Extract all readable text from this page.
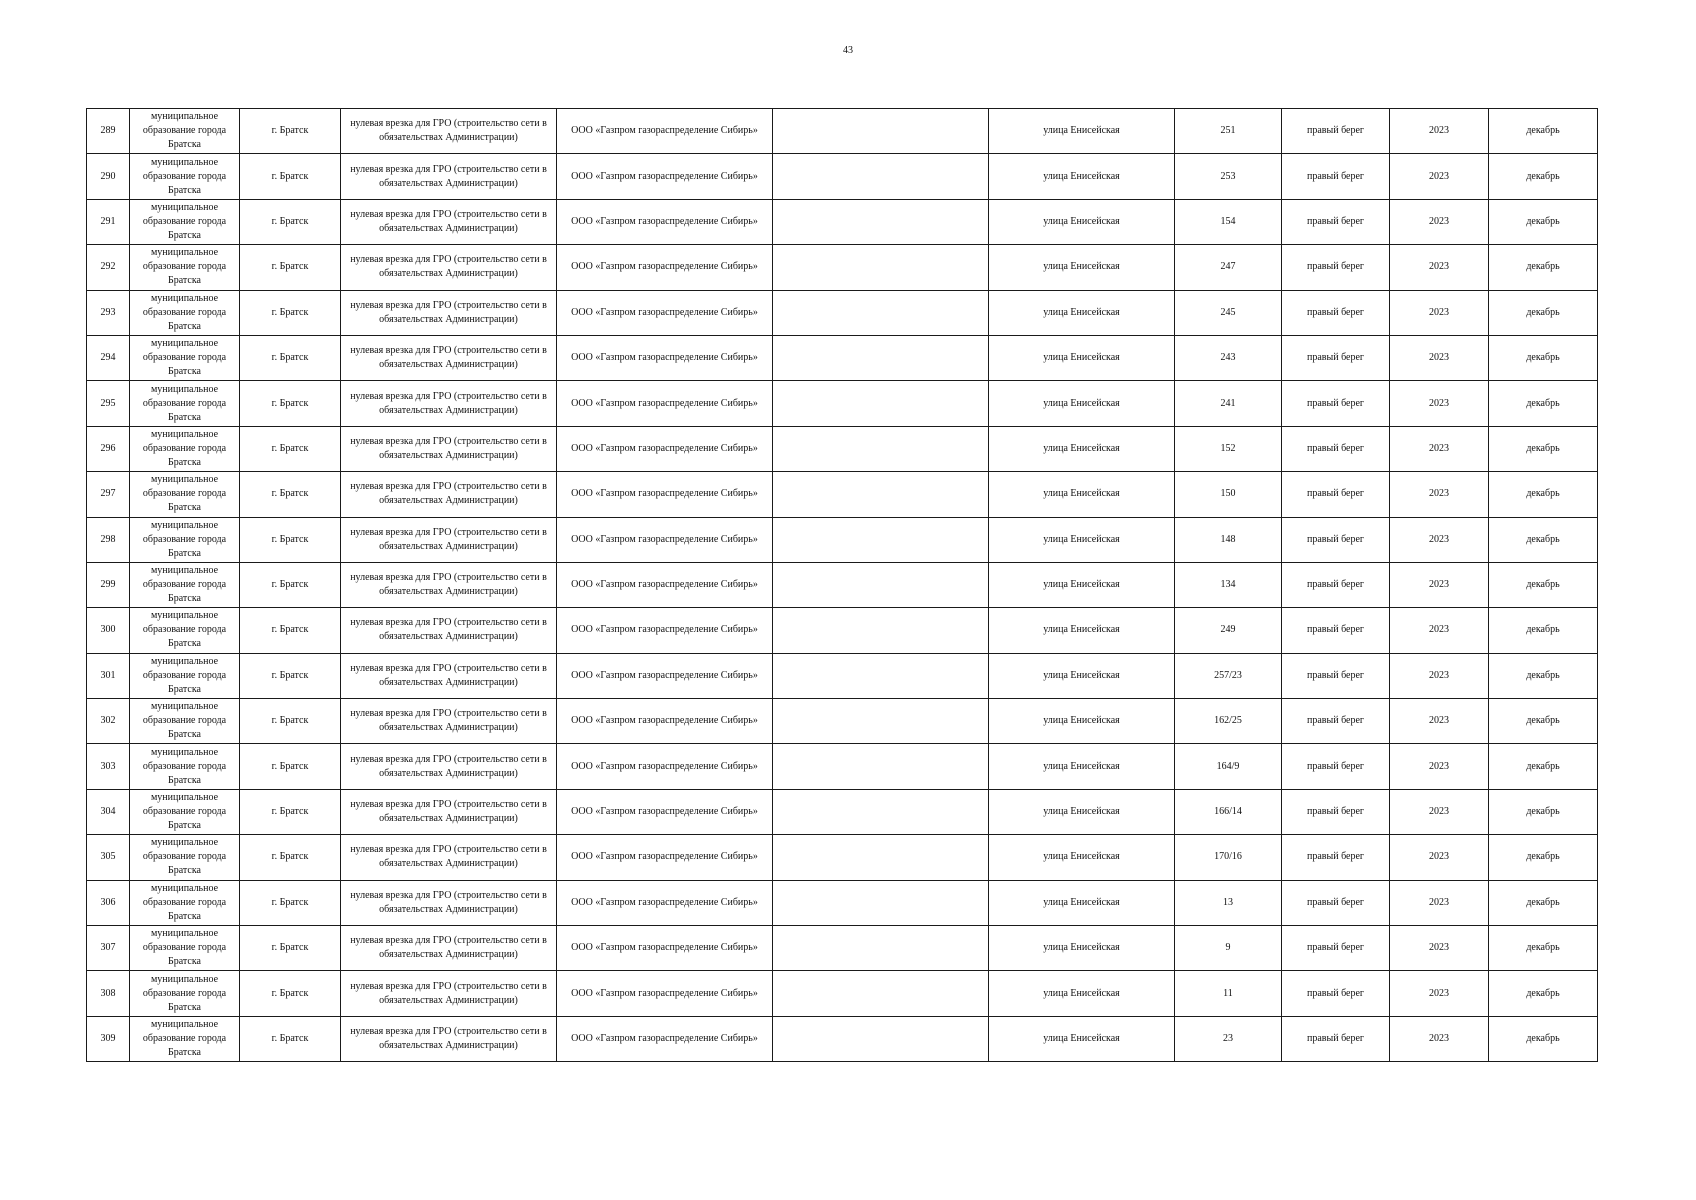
43
289	муниципальное образование города Братска	г. Братск	нулевая врезка для ГРО (строительство сети в обязательствах Администрации)	ООО «Газпром газораспределение Сибирь»		улица Енисейская	251	правый берег	2023	декабрь
290	муниципальное образование города Братска	г. Братск	нулевая врезка для ГРО (строительство сети в обязательствах Администрации)	ООО «Газпром газораспределение Сибирь»		улица Енисейская	253	правый берег	2023	декабрь
291	муниципальное образование города Братска	г. Братск	нулевая врезка для ГРО (строительство сети в обязательствах Администрации)	ООО «Газпром газораспределение Сибирь»		улица Енисейская	154	правый берег	2023	декабрь
292	муниципальное образование города Братска	г. Братск	нулевая врезка для ГРО (строительство сети в обязательствах Администрации)	ООО «Газпром газораспределение Сибирь»		улица Енисейская	247	правый берег	2023	декабрь
293	муниципальное образование города Братска	г. Братск	нулевая врезка для ГРО (строительство сети в обязательствах Администрации)	ООО «Газпром газораспределение Сибирь»		улица Енисейская	245	правый берег	2023	декабрь
294	муниципальное образование города Братска	г. Братск	нулевая врезка для ГРО (строительство сети в обязательствах Администрации)	ООО «Газпром газораспределение Сибирь»		улица Енисейская	243	правый берег	2023	декабрь
295	муниципальное образование города Братска	г. Братск	нулевая врезка для ГРО (строительство сети в обязательствах Администрации)	ООО «Газпром газораспределение Сибирь»		улица Енисейская	241	правый берег	2023	декабрь
296	муниципальное образование города Братска	г. Братск	нулевая врезка для ГРО (строительство сети в обязательствах Администрации)	ООО «Газпром газораспределение Сибирь»		улица Енисейская	152	правый берег	2023	декабрь
297	муниципальное образование города Братска	г. Братск	нулевая врезка для ГРО (строительство сети в обязательствах Администрации)	ООО «Газпром газораспределение Сибирь»		улица Енисейская	150	правый берег	2023	декабрь
298	муниципальное образование города Братска	г. Братск	нулевая врезка для ГРО (строительство сети в обязательствах Администрации)	ООО «Газпром газораспределение Сибирь»		улица Енисейская	148	правый берег	2023	декабрь
299	муниципальное образование города Братска	г. Братск	нулевая врезка для ГРО (строительство сети в обязательствах Администрации)	ООО «Газпром газораспределение Сибирь»		улица Енисейская	134	правый берег	2023	декабрь
300	муниципальное образование города Братска	г. Братск	нулевая врезка для ГРО (строительство сети в обязательствах Администрации)	ООО «Газпром газораспределение Сибирь»		улица Енисейская	249	правый берег	2023	декабрь
301	муниципальное образование города Братска	г. Братск	нулевая врезка для ГРО (строительство сети в обязательствах Администрации)	ООО «Газпром газораспределение Сибирь»		улица Енисейская	257/23	правый берег	2023	декабрь
302	муниципальное образование города Братска	г. Братск	нулевая врезка для ГРО (строительство сети в обязательствах Администрации)	ООО «Газпром газораспределение Сибирь»		улица Енисейская	162/25	правый берег	2023	декабрь
303	муниципальное образование города Братска	г. Братск	нулевая врезка для ГРО (строительство сети в обязательствах Администрации)	ООО «Газпром газораспределение Сибирь»		улица Енисейская	164/9	правый берег	2023	декабрь
304	муниципальное образование города Братска	г. Братск	нулевая врезка для ГРО (строительство сети в обязательствах Администрации)	ООО «Газпром газораспределение Сибирь»		улица Енисейская	166/14	правый берег	2023	декабрь
305	муниципальное образование города Братска	г. Братск	нулевая врезка для ГРО (строительство сети в обязательствах Администрации)	ООО «Газпром газораспределение Сибирь»		улица Енисейская	170/16	правый берег	2023	декабрь
306	муниципальное образование города Братска	г. Братск	нулевая врезка для ГРО (строительство сети в обязательствах Администрации)	ООО «Газпром газораспределение Сибирь»		улица Енисейская	13	правый берег	2023	декабрь
307	муниципальное образование города Братска	г. Братск	нулевая врезка для ГРО (строительство сети в обязательствах Администрации)	ООО «Газпром газораспределение Сибирь»		улица Енисейская	9	правый берег	2023	декабрь
308	муниципальное образование города Братска	г. Братск	нулевая врезка для ГРО (строительство сети в обязательствах Администрации)	ООО «Газпром газораспределение Сибирь»		улица Енисейская	11	правый берег	2023	декабрь
309	муниципальное образование города Братска	г. Братск	нулевая врезка для ГРО (строительство сети в обязательствах Администрации)	ООО «Газпром газораспределение Сибирь»		улица Енисейская	23	правый берег	2023	декабрь
